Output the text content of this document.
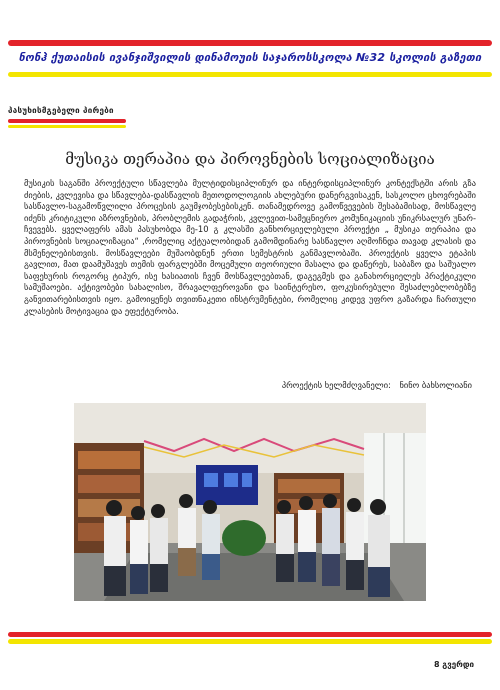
ნონჰ ქუთაისის ივანჯიშვილის დინამოუის საჯაროსსკოლა №32 სკოლის გაზეთი
პასუხისმგებელი პირები
მუსიკა თერაპია და პიროვნების სოციალიზაცია
მუსიკის საგანში პროექტული სწავლება მულტიდისციპლინურ და ინტერდისციპლინურ კონტექსტში არის გზა ძიების, კვლევისა და სწავლება-დასწავლის მეთოდოლოგიის ახლებური დანერგვისაკენ, სასკოლო ცხოვრებაში სასწავლო-საგამოწვლილი პროცესის გაუმჯობესებისკენ. თანამედროვე გამოწვევების შესაბამისად, მოსწავლე იძენს კრიტიკული აზროვნების, პრობლემის გადაჭრის, კვლევით-სამეცნიერო კომუნიკაციის უნიკრსალურ უნარ-ჩვევებს. ყველაფერს ამას პასუხობდა მე-10 გ კლასში განხორციელებული პროექტი „ მუსიკა თერაპია და პიროვნების სოციალიზაცია“ ,რომელიც აქტუალობიდან გამომდინარე სასწავლო აღმოჩნდა თავად კლასის და მსმენელებისთვის. მოსწავლეები მუშაობდნენ ერთი სემესტრის განმავლობაში. პროექტის ყველა ეტაპის გავლით, მათ დაამუშავეს თემის ფარგლებში მოცემული თეორიული მასალა და დაწერეს, საბაზო და საშუალო საფეხურის როგორც ტიპურ, ისე ხასიათის ჩვენ მოსწავლეებთან, დაგეგმეს და განახორციელეს პრაქტიკული სამუშაოები. აქტივობები სახალისო, შრავალფეროვანი და საინტერესო, ფოკუსირებული შესაძლებლობებზე განვითარებისთვის იყო. გამოიყენეს თვითნაკეთი ინსტრუმენტები, რომელიც კიდევ უფრო გაზარდა ჩართული კლასების მოტივაცია და ეფექტურობა.
პროექტის ხელმძღვანელი: ნინო ბახსოლიანი
8 გვერდი
